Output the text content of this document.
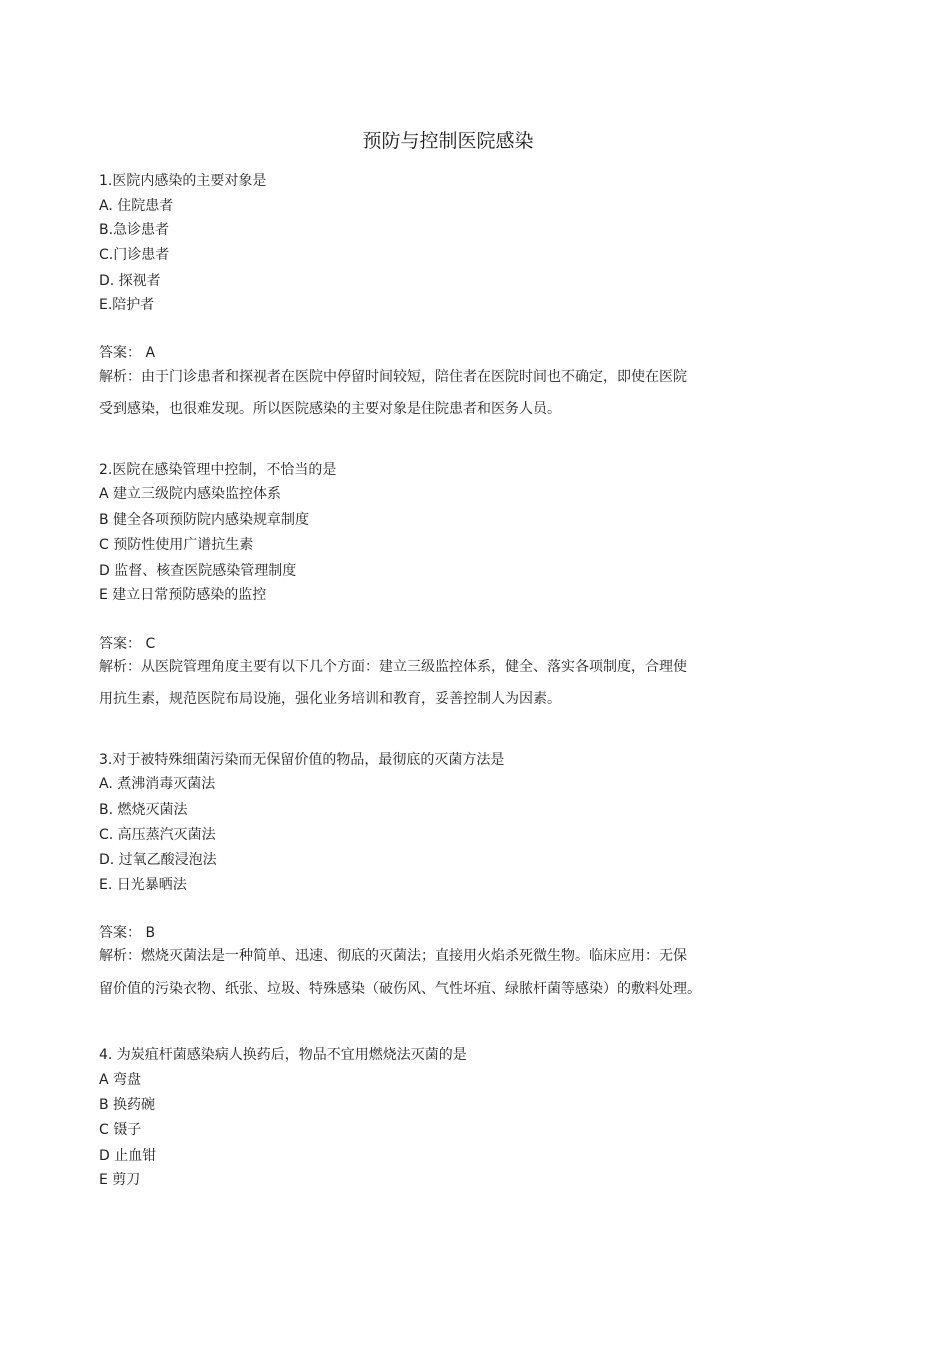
预防与控制医院感染
1.医院内感染的主要对象是
A. 住院患者
B.急诊患者
C.门诊患者
D. 探视者
E.陪护者
答案： A
解析：由于门诊患者和探视者在医院中停留时间较短，陪住者在医院时间也不确定，即使在医院
受到感染，也很难发现。所以医院感染的主要对象是住院患者和医务人员。
2.医院在感染管理中控制，不恰当的是
A 建立三级院内感染监控体系
B 健全各项预防院内感染规章制度
C 预防性使用广谱抗生素
D 监督、核查医院感染管理制度
E 建立日常预防感染的监控
答案： C
解析：从医院管理角度主要有以下几个方面：建立三级监控体系，健全、落实各项制度，合理使
用抗生素，规范医院布局设施，强化业务培训和教育，妥善控制人为因素。
3.对于被特殊细菌污染而无保留价值的物品，最彻底的灭菌方法是
A. 煮沸消毒灭菌法
B. 燃烧灭菌法
C. 高压蒸汽灭菌法
D. 过氧乙酸浸泡法
E. 日光暴晒法
答案： B
解析：燃烧灭菌法是一种简单、迅速、彻底的灭菌法；直接用火焰杀死微生物。临床应用：无保
留价值的污染衣物、纸张、垃圾、特殊感染（破伤风、气性坏疽、绿脓杆菌等感染）的敷料处理。
4. 为炭疽杆菌感染病人换药后，物品不宜用燃烧法灭菌的是
A 弯盘
B 换药碗
C 镊子
D 止血钳
E 剪刀
